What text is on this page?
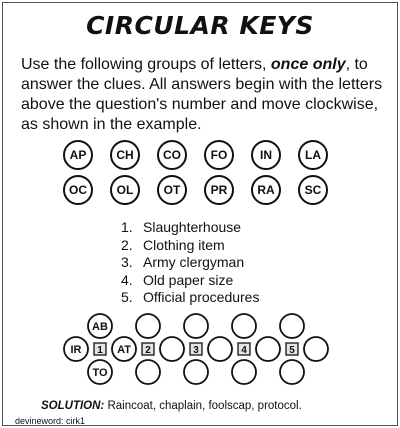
CIRCULAR KEYS
Use the following groups of letters, once only, to answer the clues. All answers begin with the letters above the question's number and move clockwise, as shown in the example.
AP	CH	CO	FO	IN	LA
OC	OL	OT	PR	RA	SC
1. Slaughterhouse
2. Clothing item
3. Army clergyman
4. Old paper size
5. Official procedures
1	2	3	4	5
AB
IR	AT
TO
SOLUTION: Raincoat, chaplain, foolscap, protocol.
devineword: cirk1
